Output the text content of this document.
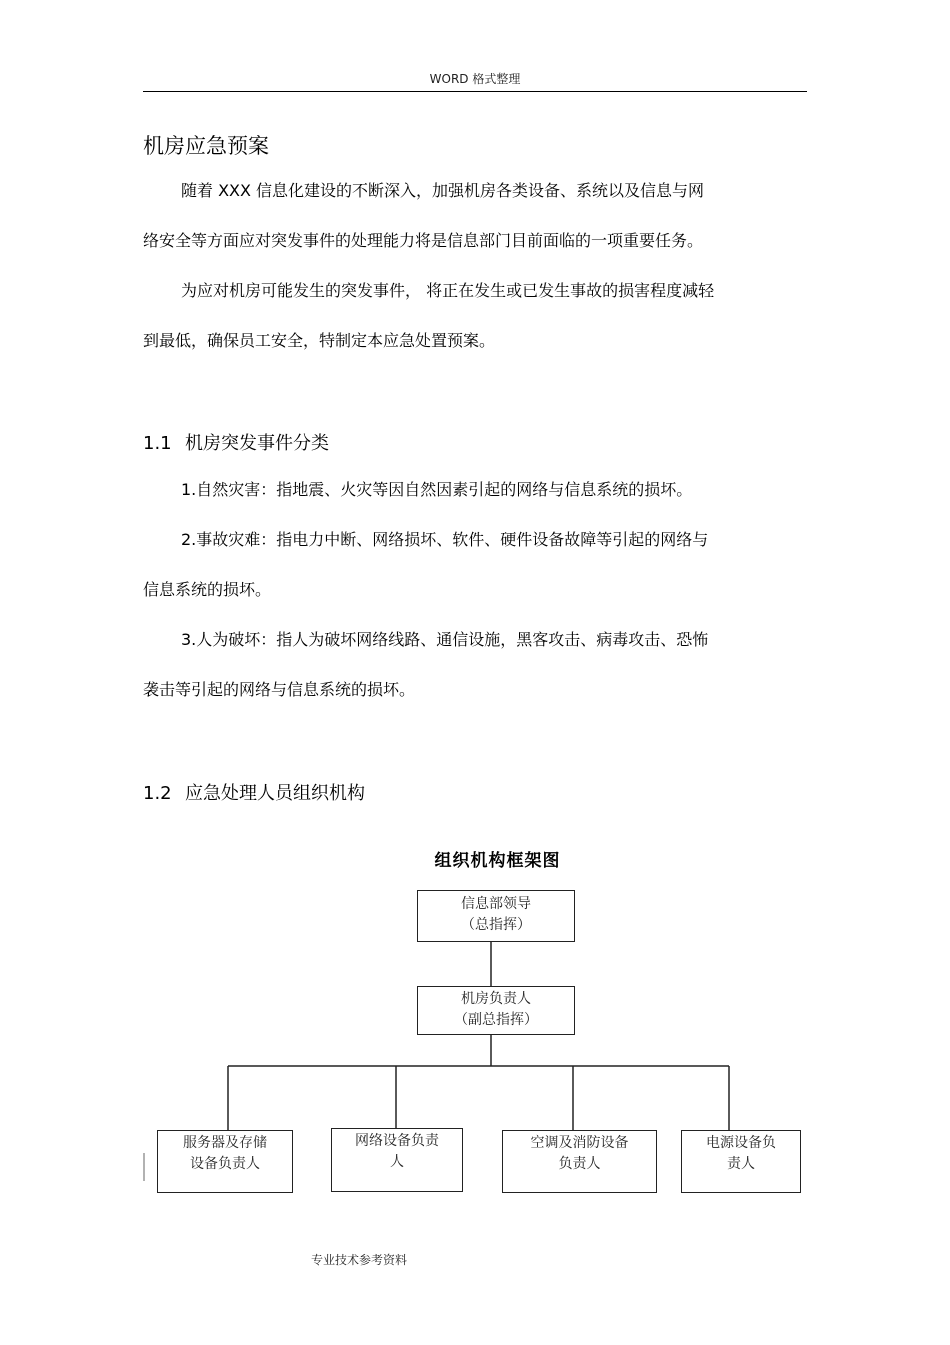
WORD 格式整理
机房应急预案
随着 XXX 信息化建设的不断深入，加强机房各类设备、系统以及信息与网
络安全等方面应对突发事件的处理能力将是信息部门目前面临的一项重要任务。
为应对机房可能发生的突发事件， 将正在发生或已发生事故的损害程度减轻
到最低，确保员工安全，特制定本应急处置预案。
1.1 机房突发事件分类
1.自然灾害：指地震、火灾等因自然因素引起的网络与信息系统的损坏。
2.事故灾难：指电力中断、网络损坏、软件、硬件设备故障等引起的网络与
信息系统的损坏。
3.人为破坏：指人为破坏网络线路、通信设施，黑客攻击、病毒攻击、恐怖
袭击等引起的网络与信息系统的损坏。
1.2 应急处理人员组织机构
组织机构框架图
信息部领导
（总指挥）
机房负责人
（副总指挥）
服务器及存储
设备负责人
网络设备负责
人
空调及消防设备
负责人
电源设备负
责人
专业技术参考资料
